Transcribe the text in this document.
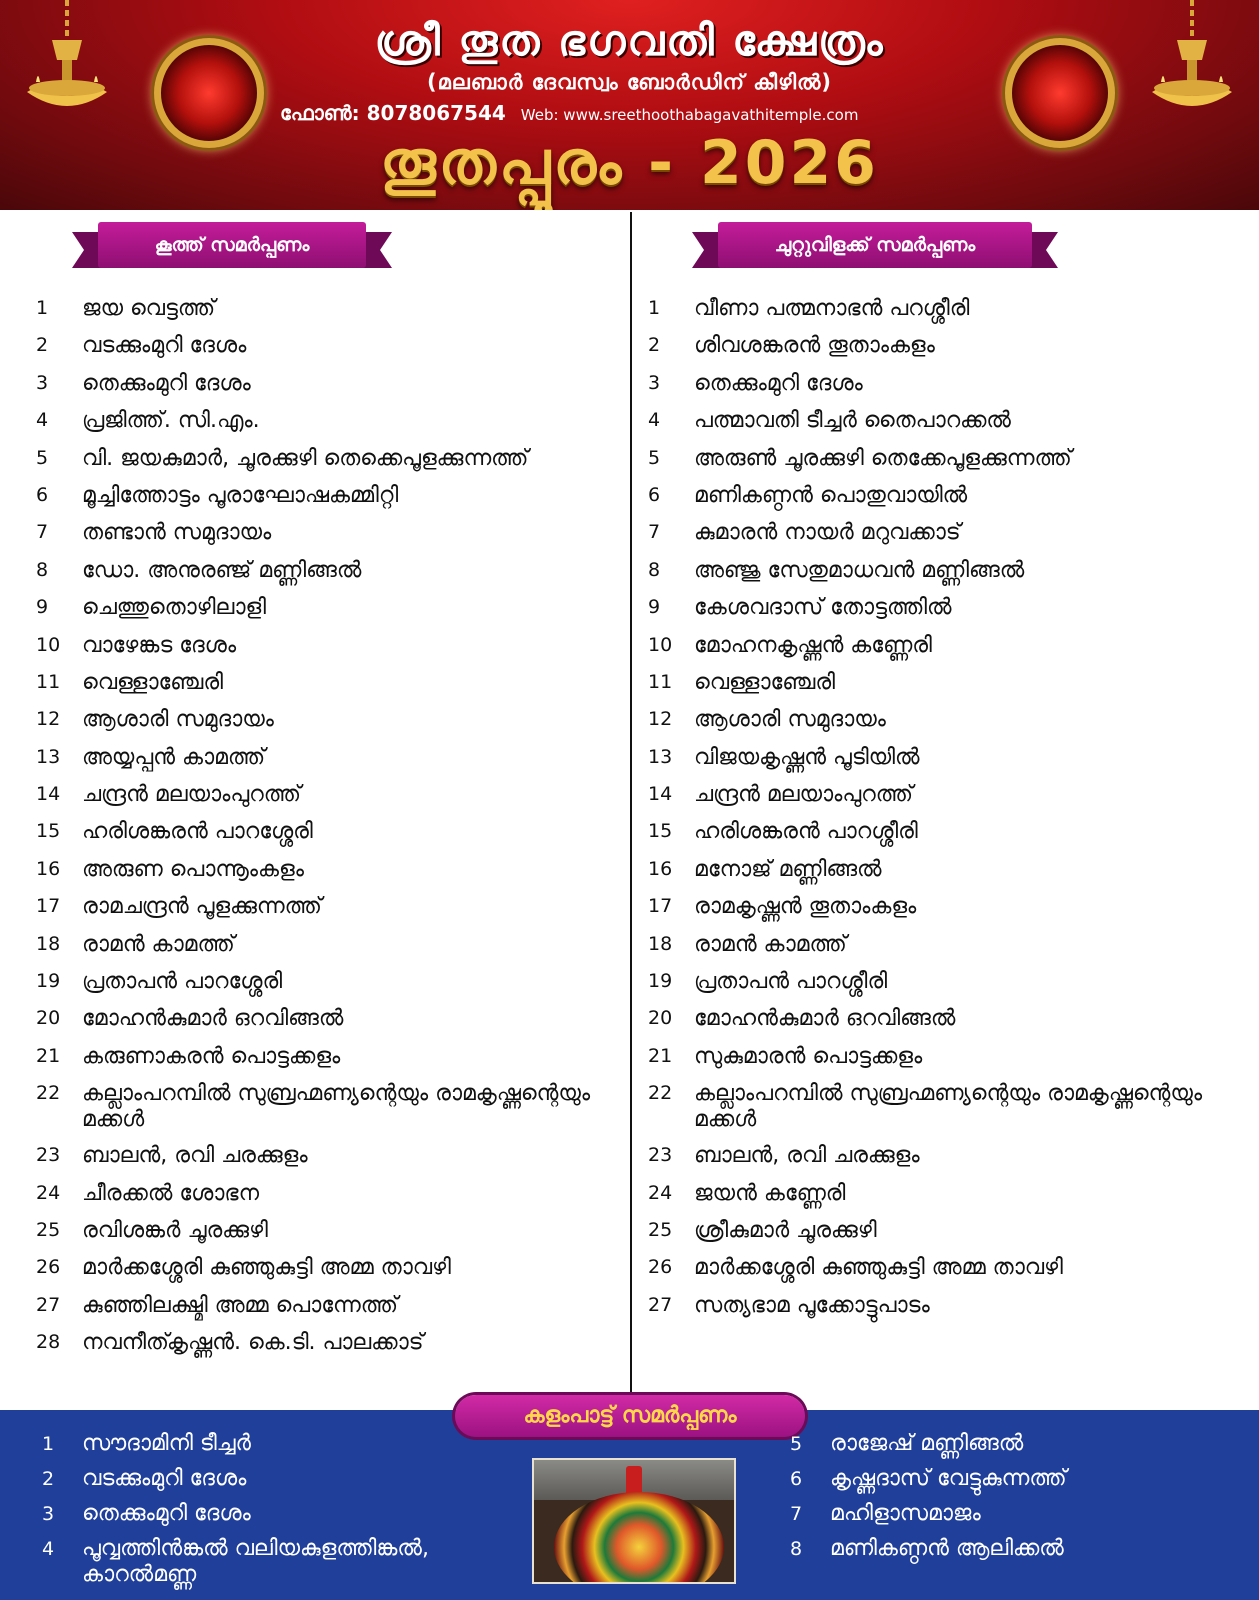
ശ്രീ തൂത ഭഗവതി ക്ഷേത്രം
(മലബാർ ദേവസ്വം ബോർഡിന് കീഴിൽ)
ഫോൺ: 8078067544 Web: www.sreethoothabagavathitemple.com
തൂതപ്പൂരം - 2026
കൂത്ത് സമർപ്പണം
1	ജയ വെട്ടത്ത്
2	വടക്കുംമുറി ദേശം
3	തെക്കുംമുറി ദേശം
4	പ്രജിത്ത്. സി.എം.
5	വി. ജയകുമാർ, ചൂരക്കുഴി തെക്കെപൂളക്കുന്നത്ത്
6	മൂച്ചിത്തോട്ടം പൂരാഘോഷകമ്മിറ്റി
7	തണ്ടാൻ സമുദായം
8	ഡോ. അനുരഞ്ജ് മണ്ണിങ്ങൽ
9	ചെത്തുതൊഴിലാളി
10 വാഴേങ്കട ദേശം
11 വെള്ളാഞ്ചേരി
12 ആശാരി സമുദായം
13 അയ്യപ്പൻ കാമത്ത്
14 ചന്ദ്രൻ മലയാംപുറത്ത്
15 ഹരിശങ്കരൻ പാറശ്ശേരി
16 അരുണ പൊന്നൂംകളം
17 രാമചന്ദ്രൻ പൂളക്കുന്നത്ത്
18 രാമൻ കാമത്ത്
19 പ്രതാപൻ പാറശ്ശേരി
20 മോഹൻകുമാർ ഒറവിങ്ങൽ
21 കരുണാകരൻ പൊട്ടക്കളം
22 കല്ലാംപറമ്പിൽ സുബ്രഹ്മണ്യന്റെയും രാമകൃഷ്ണന്റെയും മക്കൾ
23 ബാലൻ, രവി ചരക്കുളം
24 ചീരക്കൽ ശോഭന
25 രവിശങ്കർ ചൂരക്കുഴി
26 മാർക്കശ്ശേരി കുഞ്ഞുകുട്ടി അമ്മ താവഴി
27 കുഞ്ഞിലക്ഷ്മി അമ്മ പൊന്നേത്ത്
28 നവനീത്കൃഷ്ണൻ. കെ.ടി. പാലക്കാട്
ചുറ്റുവിളക്ക് സമർപ്പണം
1	വീണാ പത്മനാഭൻ പറശ്ശീരി
2	ശിവശങ്കരൻ തൂതാംകളം
3	തെക്കുംമുറി ദേശം
4	പത്മാവതി ടീച്ചർ തൈപാറക്കൽ
5	അരുൺ ചൂരക്കുഴി തെക്കേപൂളക്കുന്നത്ത്
6	മണികണ്ഠൻ പൊതുവായിൽ
7	കുമാരൻ നായർ മറുവക്കാട്
8	അഞ്ജു സേതുമാധവൻ മണ്ണിങ്ങൽ
9	കേശവദാസ് തോട്ടത്തിൽ
10 മോഹനകൃഷ്ണൻ കണ്ണേരി
11 വെള്ളാഞ്ചേരി
12 ആശാരി സമുദായം
13 വിജയകൃഷ്ണൻ പൂടിയിൽ
14 ചന്ദ്രൻ മലയാംപുറത്ത്
15 ഹരിശങ്കരൻ പാറശ്ശീരി
16 മനോജ് മണ്ണിങ്ങൽ
17 രാമകൃഷ്ണൻ തൂതാംകളം
18 രാമൻ കാമത്ത്
19 പ്രതാപൻ പാറശ്ശീരി
20 മോഹൻകുമാർ ഒറവിങ്ങൽ
21 സുകുമാരൻ പൊട്ടക്കളം
22 കല്ലാംപറമ്പിൽ സുബ്രഹ്മണ്യന്റെയും രാമകൃഷ്ണന്റെയും മക്കൾ
23 ബാലൻ, രവി ചരക്കുളം
24 ജയൻ കണ്ണേരി
25 ശ്രീകുമാർ ചൂരക്കുഴി
26 മാർക്കശ്ശേരി കുഞ്ഞുകുട്ടി അമ്മ താവഴി
27 സത്യഭാമ പൂക്കോട്ടുപാടം
കളംപാട്ട് സമർപ്പണം
1	സൗദാമിനി ടീച്ചർ
2	വടക്കുംമുറി ദേശം
3	തെക്കുംമുറി ദേശം
4	പൂവ്വത്തിൻങ്കൽ വലിയകുളത്തിങ്കൽ, കാറൽമണ്ണ
5	രാജേഷ് മണ്ണിങ്ങൽ
6	കൃഷ്ണദാസ് വേട്ടുകുന്നത്ത്
7	മഹിളാസമാജം
8	മണികണ്ഠൻ ആലിക്കൽ
